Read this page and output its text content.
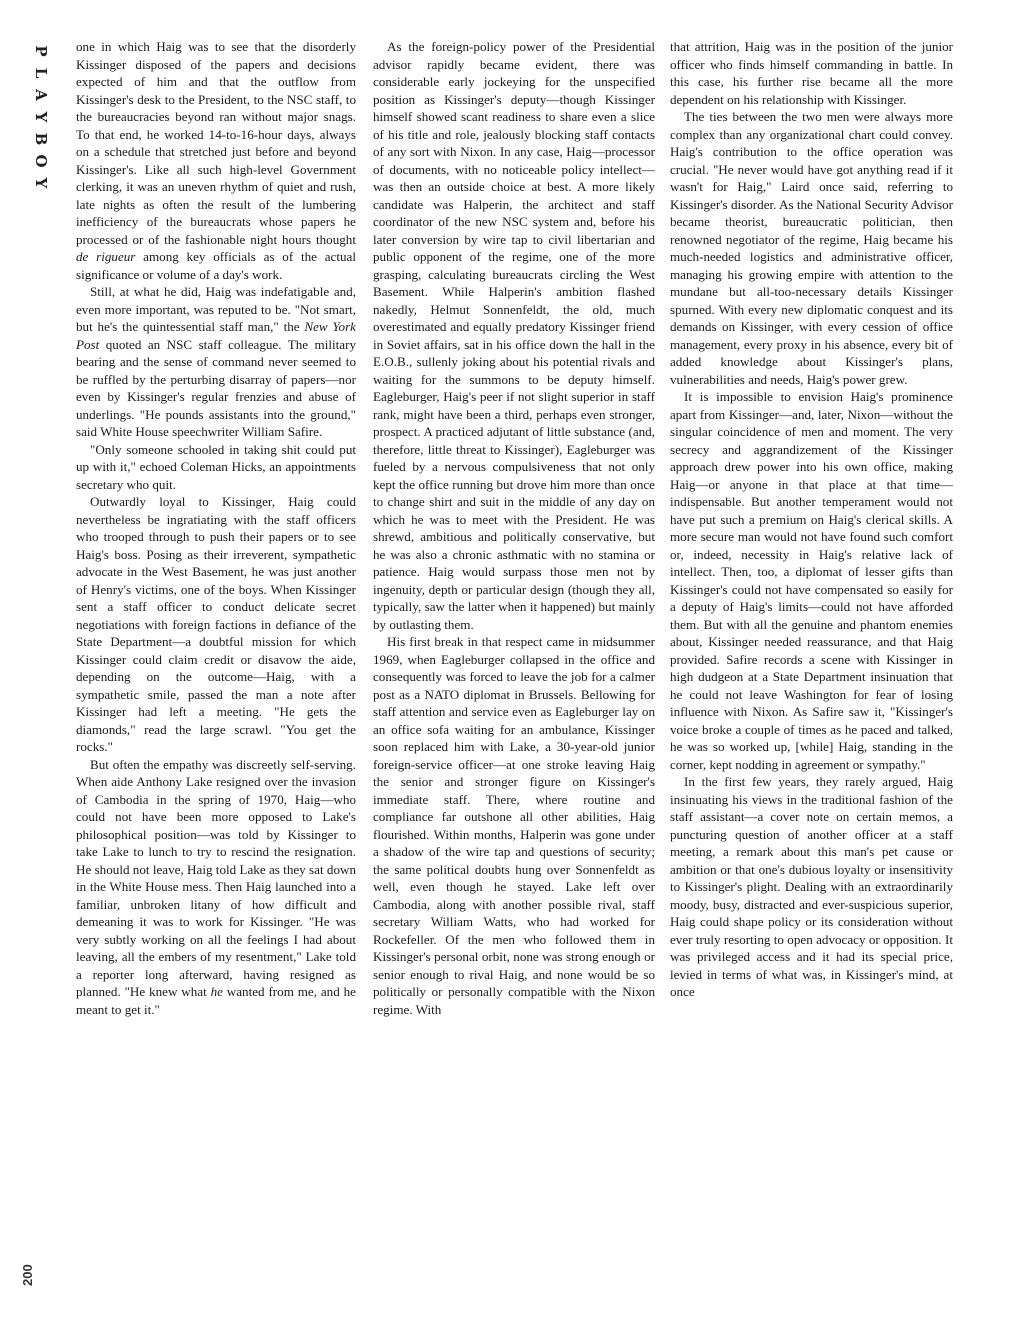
P
L
A
Y
B
O
Y
200

one in which Haig was to see that the disorderly Kissinger disposed of the papers and decisions expected of him and that the outflow from Kissinger's desk to the President, to the NSC staff, to the bureaucracies beyond ran without major snags. To that end, he worked 14-to-16-hour days, always on a schedule that stretched just before and beyond Kissinger's. Like all such high-level Government clerking, it was an uneven rhythm of quiet and rush, late nights as often the result of the lumbering inefficiency of the bureaucrats whose papers he processed or of the fashionable night hours thought de rigueur among key officials as of the actual significance or volume of a day's work.

Still, at what he did, Haig was indefatigable and, even more important, was reputed to be. "Not smart, but he's the quintessential staff man," the New York Post quoted an NSC staff colleague. The military bearing and the sense of command never seemed to be ruffled by the perturbing disarray of papers—nor even by Kissinger's regular frenzies and abuse of underlings. "He pounds assistants into the ground," said White House speechwriter William Safire.

"Only someone schooled in taking shit could put up with it," echoed Coleman Hicks, an appointments secretary who quit.

Outwardly loyal to Kissinger, Haig could nevertheless be ingratiating with the staff officers who trooped through to push their papers or to see Haig's boss. Posing as their irreverent, sympathetic advocate in the West Basement, he was just another of Henry's victims, one of the boys. When Kissinger sent a staff officer to conduct delicate secret negotiations with foreign factions in defiance of the State Department—a doubtful mission for which Kissinger could claim credit or disavow the aide, depending on the outcome—Haig, with a sympathetic smile, passed the man a note after Kissinger had left a meeting. "He gets the diamonds," read the large scrawl. "You get the rocks."

But often the empathy was discreetly self-serving. When aide Anthony Lake resigned over the invasion of Cambodia in the spring of 1970, Haig—who could not have been more opposed to Lake's philosophical position—was told by Kissinger to take Lake to lunch to try to rescind the resignation. He should not leave, Haig told Lake as they sat down in the White House mess. Then Haig launched into a familiar, unbroken litany of how difficult and demeaning it was to work for Kissinger. "He was very subtly working on all the feelings I had about leaving, all the embers of my resentment," Lake told a reporter long afterward, having resigned as planned. "He knew what he wanted from me, and he meant to get it."

As the foreign-policy power of the Presidential advisor rapidly became evident, there was considerable early jockeying for the unspecified position as Kissinger's deputy—though Kissinger himself showed scant readiness to share even a slice of his title and role, jealously blocking staff contacts of any sort with Nixon. In any case, Haig—processor of documents, with no noticeable policy intellect—was then an outside choice at best. A more likely candidate was Halperin, the architect and staff coordinator of the new NSC system and, before his later conversion by wire tap to civil libertarian and public opponent of the regime, one of the more grasping, calculating bureaucrats circling the West Basement. While Halperin's ambition flashed nakedly, Helmut Sonnenfeldt, the old, much overestimated and equally predatory Kissinger friend in Soviet affairs, sat in his office down the hall in the E.O.B., sullenly joking about his potential rivals and waiting for the summons to be deputy himself. Eagleburger, Haig's peer if not slight superior in staff rank, might have been a third, perhaps even stronger, prospect. A practiced adjutant of little substance (and, therefore, little threat to Kissinger), Eagleburger was fueled by a nervous compulsiveness that not only kept the office running but drove him more than once to change shirt and suit in the middle of any day on which he was to meet with the President. He was shrewd, ambitious and politically conservative, but he was also a chronic asthmatic with no stamina or patience. Haig would surpass those men not by ingenuity, depth or particular design (though they all, typically, saw the latter when it happened) but mainly by outlasting them.

His first break in that respect came in midsummer 1969, when Eagleburger collapsed in the office and consequently was forced to leave the job for a calmer post as a NATO diplomat in Brussels. Bellowing for staff attention and service even as Eagleburger lay on an office sofa waiting for an ambulance, Kissinger soon replaced him with Lake, a 30-year-old junior foreign-service officer—at one stroke leaving Haig the senior and stronger figure on Kissinger's immediate staff. There, where routine and compliance far outshone all other abilities, Haig flourished. Within months, Halperin was gone under a shadow of the wire tap and questions of security; the same political doubts hung over Sonnenfeldt as well, even though he stayed. Lake left over Cambodia, along with another possible rival, staff secretary William Watts, who had worked for Rockefeller. Of the men who followed them in Kissinger's personal orbit, none was strong enough or senior enough to rival Haig, and none would be so politically or personally compatible with the Nixon regime. With

that attrition, Haig was in the position of the junior officer who finds himself commanding in battle. In this case, his further rise became all the more dependent on his relationship with Kissinger.

The ties between the two men were always more complex than any organizational chart could convey. Haig's contribution to the office operation was crucial. "He never would have got anything read if it wasn't for Haig," Laird once said, referring to Kissinger's disorder. As the National Security Advisor became theorist, bureaucratic politician, then renowned negotiator of the regime, Haig became his much-needed logistics and administrative officer, managing his growing empire with attention to the mundane but all-too-necessary details Kissinger spurned. With every new diplomatic conquest and its demands on Kissinger, with every cession of office management, every proxy in his absence, every bit of added knowledge about Kissinger's plans, vulnerabilities and needs, Haig's power grew.

It is impossible to envision Haig's prominence apart from Kissinger—and, later, Nixon—without the singular coincidence of men and moment. The very secrecy and aggrandizement of the Kissinger approach drew power into his own office, making Haig—or anyone in that place at that time—indispensable. But another temperament would not have put such a premium on Haig's clerical skills. A more secure man would not have found such comfort or, indeed, necessity in Haig's relative lack of intellect. Then, too, a diplomat of lesser gifts than Kissinger's could not have compensated so easily for a deputy of Haig's limits—could not have afforded them. But with all the genuine and phantom enemies about, Kissinger needed reassurance, and that Haig provided. Safire records a scene with Kissinger in high dudgeon at a State Department insinuation that he could not leave Washington for fear of losing influence with Nixon. As Safire saw it, "Kissinger's voice broke a couple of times as he paced and talked, he was so worked up, [while] Haig, standing in the corner, kept nodding in agreement or sympathy."

In the first few years, they rarely argued, Haig insinuating his views in the traditional fashion of the staff assistant—a cover note on certain memos, a puncturing question of another officer at a staff meeting, a remark about this man's pet cause or ambition or that one's dubious loyalty or insensitivity to Kissinger's plight. Dealing with an extraordinarily moody, busy, distracted and ever-suspicious superior, Haig could shape policy or its consideration without ever truly resorting to open advocacy or opposition. It was privileged access and it had its special price, levied in terms of what was, in Kissinger's mind, at once
